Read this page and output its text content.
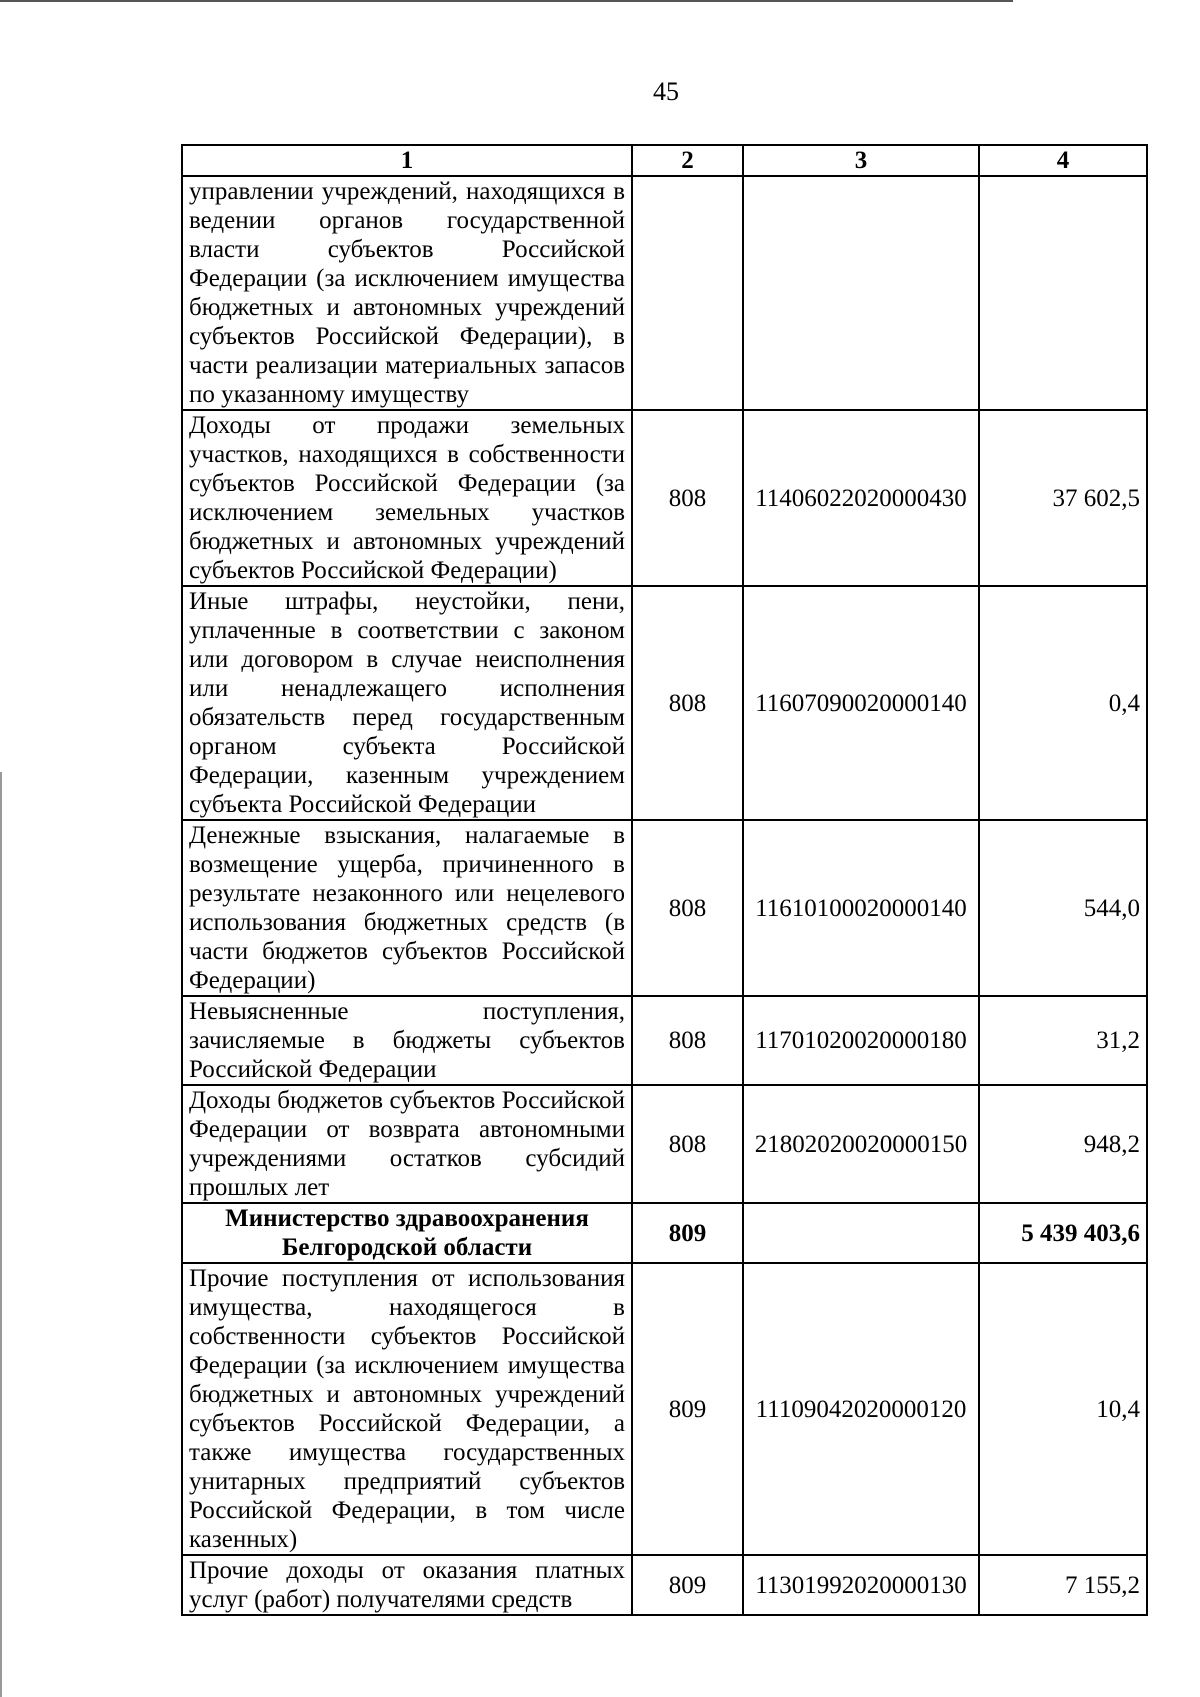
45
1	2	3	4
управлении учреждений, находящихся в ведении органов государственной власти субъектов Российской Федерации (за исключением имущества бюджетных и автономных учреждений субъектов Российской Федерации), в части реализации материальных запасов по указанному имуществу			
Доходы от продажи земельных участков, находящихся в собственности субъектов Российской Федерации (за исключением земельных участков бюджетных и автономных учреждений субъектов Российской Федерации)	808	11406022020000430	37 602,5
Иные штрафы, неустойки, пени, уплаченные в соответствии с законом или договором в случае неисполнения или ненадлежащего исполнения обязательств перед государственным органом субъекта Российской Федерации, казенным учреждением субъекта Российской Федерации	808	11607090020000140	0,4
Денежные взыскания, налагаемые в возмещение ущерба, причиненного в результате незаконного или нецелевого использования бюджетных средств (в части бюджетов субъектов Российской Федерации)	808	11610100020000140	544,0
Невыясненные поступления, зачисляемые в бюджеты субъектов Российской Федерации	808	11701020020000180	31,2
Доходы бюджетов субъектов Российской Федерации от возврата автономными учреждениями остатков субсидий прошлых лет	808	21802020020000150	948,2
Министерство здравоохранения Белгородской области	809		5 439 403,6
Прочие поступления от использования имущества, находящегося в собственности субъектов Российской Федерации (за исключением имущества бюджетных и автономных учреждений субъектов Российской Федерации, а также имущества государственных унитарных предприятий субъектов Российской Федерации, в том числе казенных)	809	11109042020000120	10,4
Прочие доходы от оказания платных услуг (работ) получателями средств	809	11301992020000130	7 155,2
